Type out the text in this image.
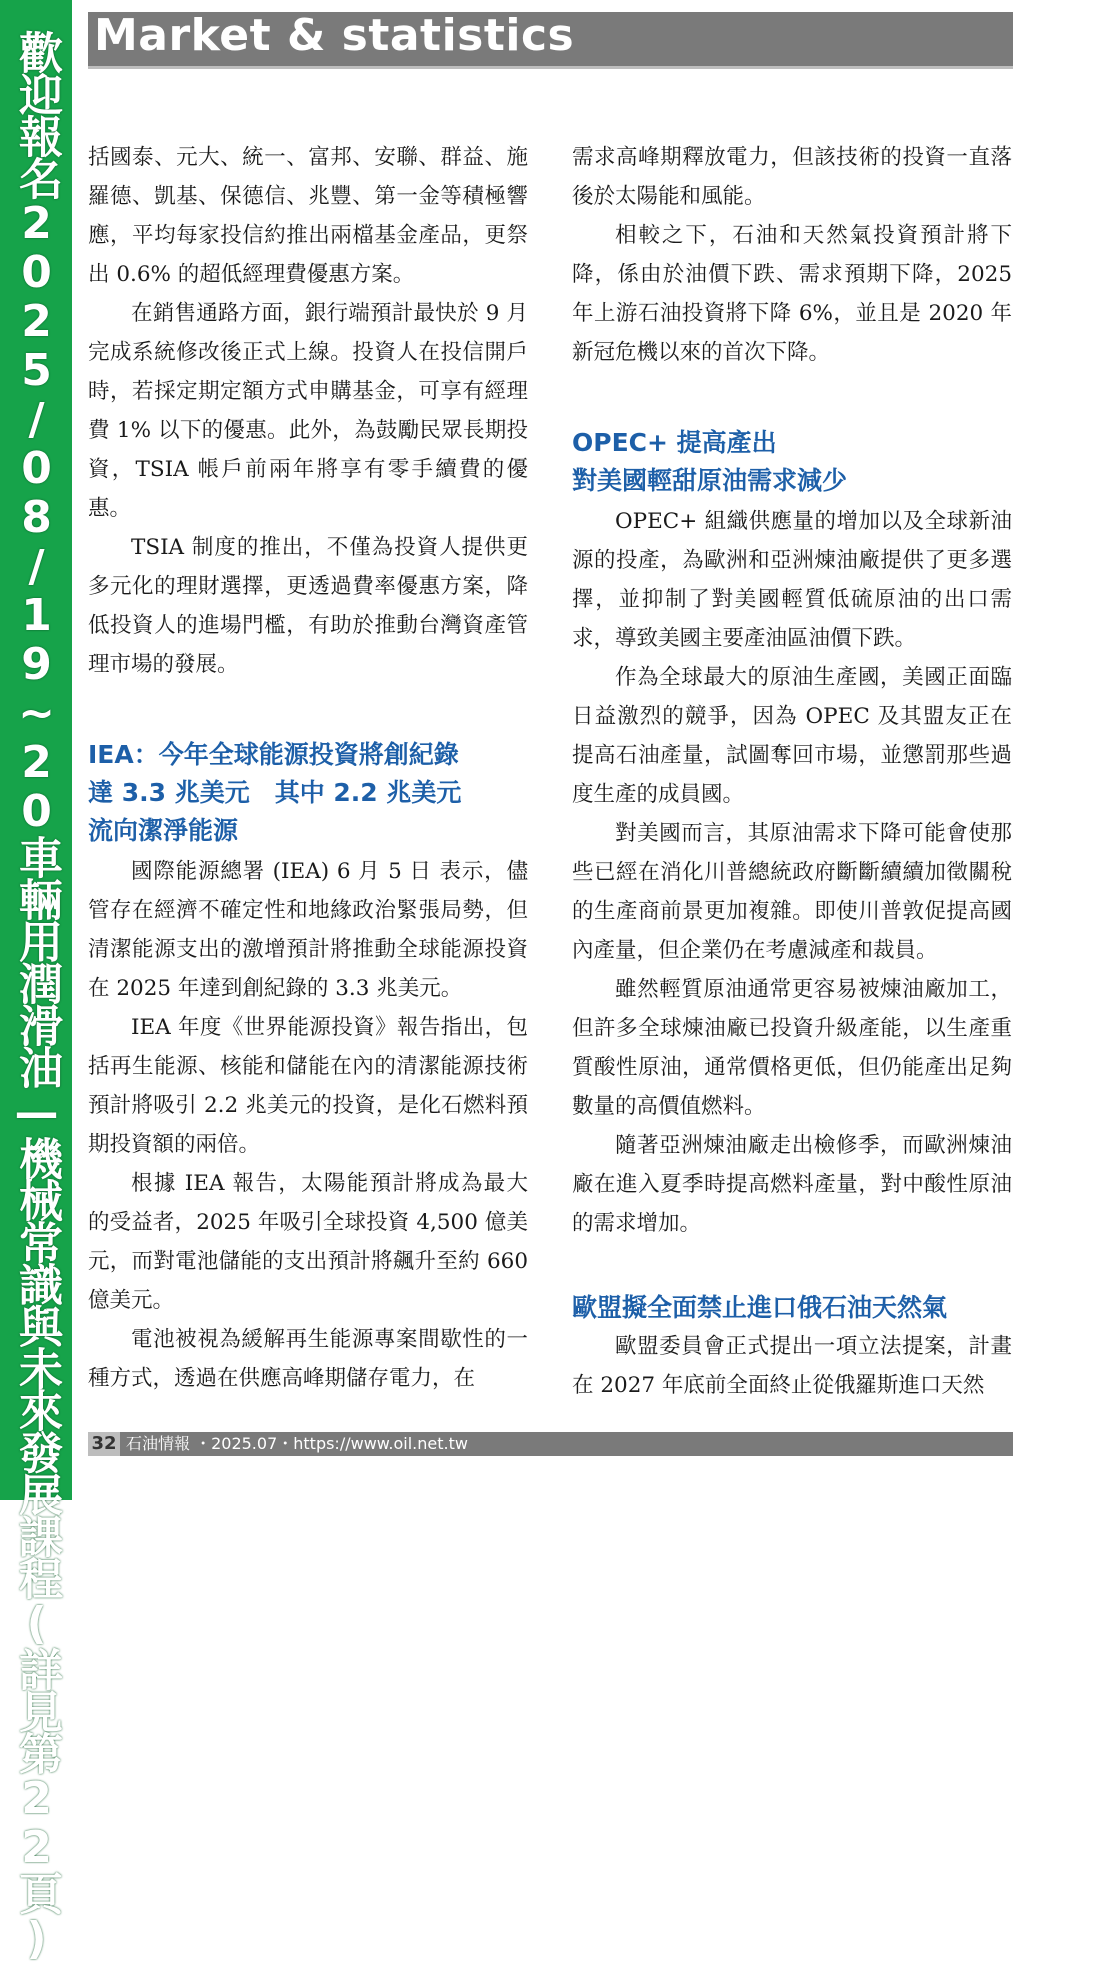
歡迎報名2025/08/19~20車輛用潤滑油—機械常識與未來發展課程(詳見第22頁) Market & statistics

括國泰、元大、統一、富邦、安聯、群益、施羅德、凱基、保德信、兆豐、第一金等積極響應，平均每家投信約推出兩檔基金產品，更祭出 0.6% 的超低經理費優惠方案。

在銷售通路方面，銀行端預計最快於 9 月完成系統修改後正式上線。投資人在投信開戶時，若採定期定額方式申購基金，可享有經理費 1% 以下的優惠。此外，為鼓勵民眾長期投資，TSIA 帳戶前兩年將享有零手續費的優惠。

TSIA 制度的推出，不僅為投資人提供更多元化的理財選擇，更透過費率優惠方案，降低投資人的進場門檻，有助於推動台灣資產管理市場的發展。

IEA：今年全球能源投資將創紀錄
達 3.3 兆美元　其中 2.2 兆美元
流向潔淨能源

國際能源總署 (IEA) 6 月 5 日 表示，儘管存在經濟不確定性和地緣政治緊張局勢，但清潔能源支出的激增預計將推動全球能源投資在 2025 年達到創紀錄的 3.3 兆美元。

IEA 年度《世界能源投資》報告指出，包括再生能源、核能和儲能在內的清潔能源技術預計將吸引 2.2 兆美元的投資，是化石燃料預期投資額的兩倍。

根據 IEA 報告，太陽能預計將成為最大的受益者，2025 年吸引全球投資 4,500 億美元，而對電池儲能的支出預計將飆升至約 660 億美元。

電池被視為緩解再生能源專案間歇性的一種方式，透過在供應高峰期儲存電力，在

需求高峰期釋放電力，但該技術的投資一直落後於太陽能和風能。

相較之下，石油和天然氣投資預計將下降，係由於油價下跌、需求預期下降，2025 年上游石油投資將下降 6%，並且是 2020 年新冠危機以來的首次下降。

OPEC+ 提高產出
對美國輕甜原油需求減少

OPEC+ 組織供應量的增加以及全球新油源的投產，為歐洲和亞洲煉油廠提供了更多選擇，並抑制了對美國輕質低硫原油的出口需求，導致美國主要產油區油價下跌。

作為全球最大的原油生產國，美國正面臨日益激烈的競爭，因為 OPEC 及其盟友正在提高石油產量，試圖奪回市場，並懲罰那些過度生產的成員國。

對美國而言，其原油需求下降可能會使那些已經在消化川普總統政府斷斷續續加徵關稅的生產商前景更加複雜。即使川普敦促提高國內產量，但企業仍在考慮減產和裁員。

雖然輕質原油通常更容易被煉油廠加工，但許多全球煉油廠已投資升級產能，以生產重質酸性原油，通常價格更低，但仍能產出足夠數量的高價值燃料。

隨著亞洲煉油廠走出檢修季，而歐洲煉油廠在進入夏季時提高燃料產量，對中酸性原油的需求增加。

歐盟擬全面禁止進口俄石油天然氣

歐盟委員會正式提出一項立法提案，計畫在 2027 年底前全面終止從俄羅斯進口天然

32 石油情報 ・2025.07・https://www.oil.net.tw
